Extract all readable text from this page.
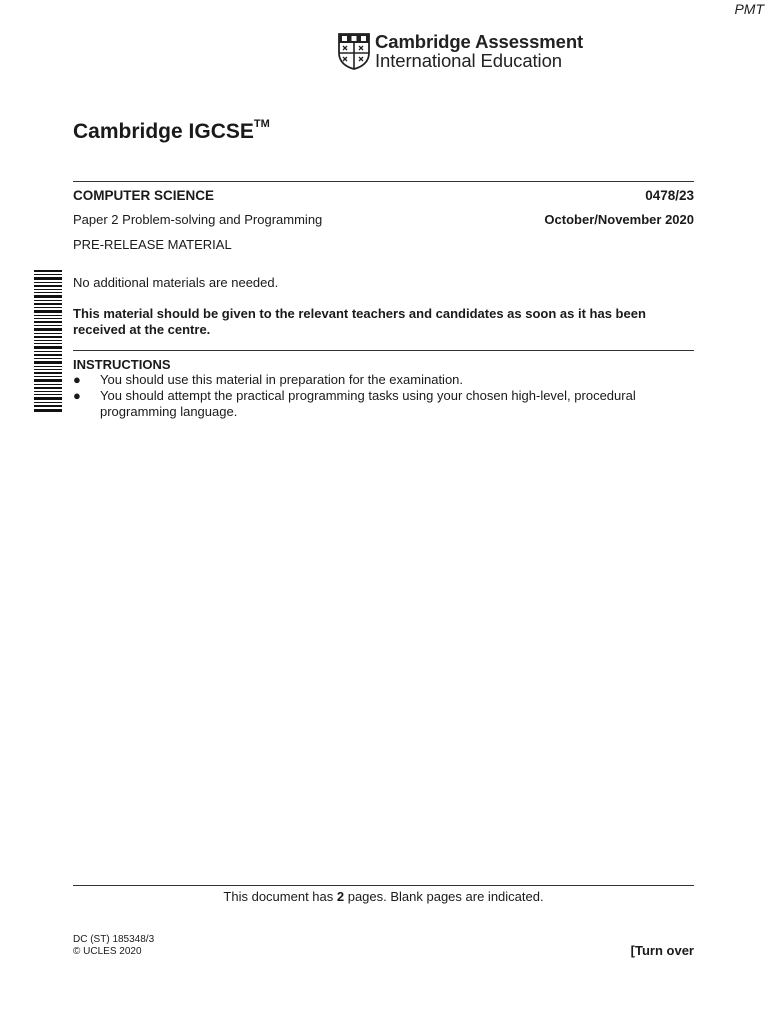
PMT
Cambridge Assessment
International Education
Cambridge IGCSE™
COMPUTER SCIENCE	0478/23
Paper 2 Problem-solving and Programming	October/November 2020
PRE-RELEASE MATERIAL
No additional materials are needed.
This material should be given to the relevant teachers and candidates as soon as it has been received at the centre.
INSTRUCTIONS
● You should use this material in preparation for the examination.
● You should attempt the practical programming tasks using your chosen high-level, procedural programming language.
This document has 2 pages. Blank pages are indicated.
DC (ST) 185348/3
© UCLES 2020	[Turn over
